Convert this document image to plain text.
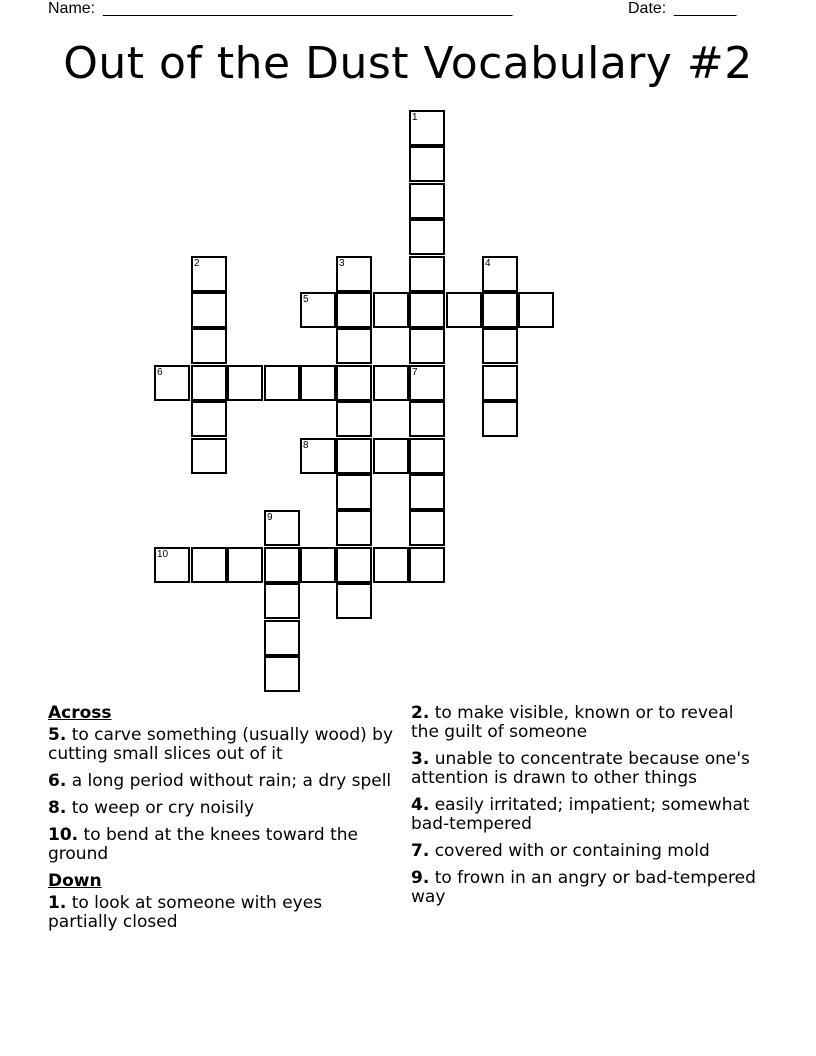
Name: ______________________________________________	Date: _______
Out of the Dust Vocabulary #2
1
7
2	3	4
9
5
6
8
10
Across
5. to carve something (usually wood) by cutting small slices out of it
6. a long period without rain; a dry spell
8. to weep or cry noisily
10. to bend at the knees toward the ground
Down
1. to look at someone with eyes partially closed
2. to make visible, known or to reveal the guilt of someone
3. unable to concentrate because one's attention is drawn to other things
4. easily irritated; impatient; somewhat bad-tempered
7. covered with or containing mold
9. to frown in an angry or bad-tempered way
